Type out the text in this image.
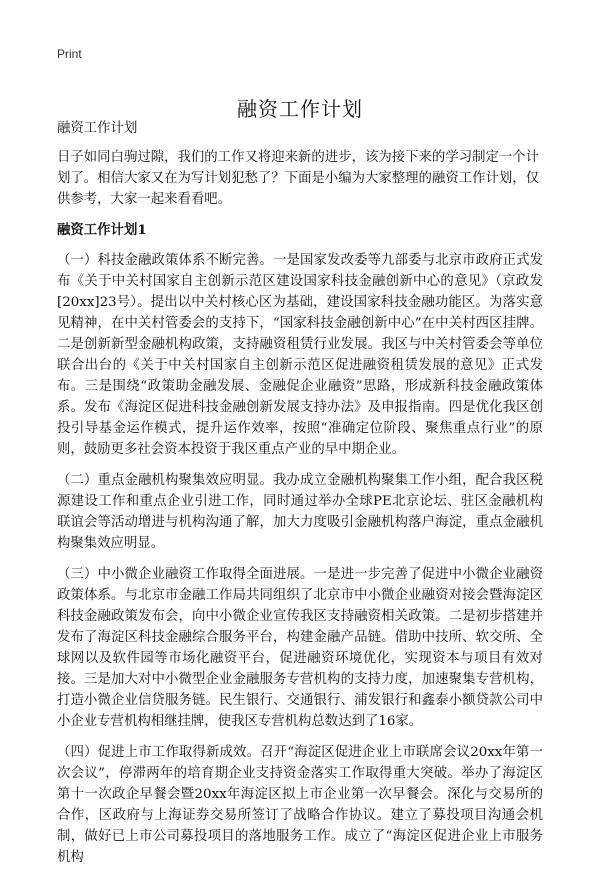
Print
融资工作计划

融资工作计划

日子如同白驹过隙，我们的工作又将迎来新的进步，该为接下来的学习制定一个计划了。相信大家又在为写计划犯愁了？下面是小编为大家整理的融资工作计划，仅供参考，大家一起来看看吧。

融资工作计划1

（一）科技金融政策体系不断完善。一是国家发改委等九部委与北京市政府正式发布《关于中关村国家自主创新示范区建设国家科技金融创新中心的意见》（京政发[20xx]23号）。提出以中关村核心区为基础，建设国家科技金融功能区。为落实意见精神，在中关村管委会的支持下，“国家科技金融创新中心”在中关村西区挂牌。二是创新新型金融机构政策，支持融资租赁行业发展。我区与中关村管委会等单位联合出台的《关于中关村国家自主创新示范区促进融资租赁发展的意见》正式发布。三是围绕“政策助金融发展、金融促企业融资”思路，形成新科技金融政策体系。发布《海淀区促进科技金融创新发展支持办法》及申报指南。四是优化我区创投引导基金运作模式，提升运作效率，按照“准确定位阶段、聚焦重点行业”的原则，鼓励更多社会资本投资于我区重点产业的早中期企业。

（二）重点金融机构聚集效应明显。我办成立金融机构聚集工作小组，配合我区税源建设工作和重点企业引进工作，同时通过举办全球PE北京论坛、驻区金融机构联谊会等活动增进与机构沟通了解，加大力度吸引金融机构落户海淀，重点金融机构聚集效应明显。

（三）中小微企业融资工作取得全面进展。一是进一步完善了促进中小微企业融资政策体系。与北京市金融工作局共同组织了北京市中小微企业融资对接会暨海淀区科技金融政策发布会，向中小微企业宣传我区支持融资相关政策。二是初步搭建并发布了海淀区科技金融综合服务平台，构建金融产品链。借助中技所、软交所、全球网以及软件园等市场化融资平台，促进融资环境优化，实现资本与项目有效对接。三是加大对中小微型企业金融服务专营机构的支持力度，加速聚集专营机构，打造小微企业信贷服务链。民生银行、交通银行、浦发银行和鑫泰小额贷款公司中小企业专营机构相继挂牌，使我区专营机构总数达到了16家。

（四）促进上市工作取得新成效。召开“海淀区促进企业上市联席会议20xx年第一次会议”，停滞两年的培育期企业支持资金落实工作取得重大突破。举办了海淀区第十一次政企早餐会暨20xx年海淀区拟上市企业第一次早餐会。深化与交易所的合作，区政府与上海证券交易所签订了战略合作协议。建立了募投项目沟通会机制，做好已上市公司募投项目的落地服务工作。成立了“海淀区促进企业上市服务机构
